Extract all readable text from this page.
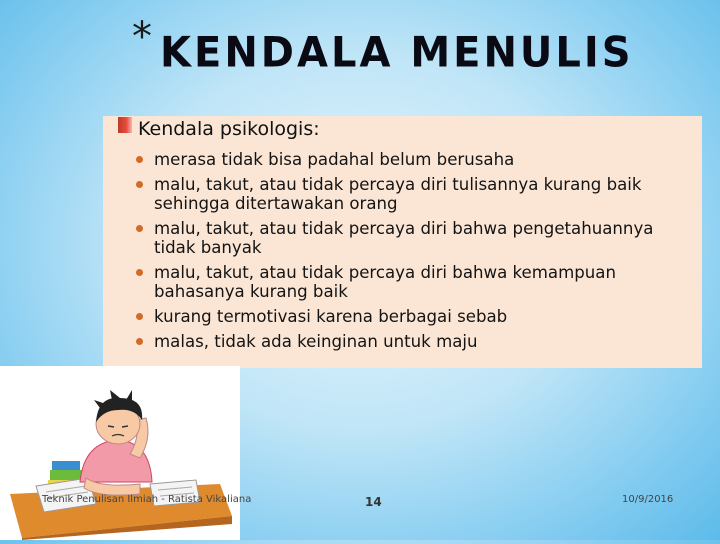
* KENDALA MENULIS
Kendala psikologis:
merasa tidak bisa padahal belum berusaha
malu, takut, atau tidak percaya diri tulisannya kurang baik sehingga ditertawakan orang
malu, takut, atau tidak percaya diri bahwa pengetahuannya tidak banyak
malu, takut, atau tidak percaya diri bahwa kemampuan bahasanya kurang baik
kurang termotivasi karena berbagai sebab
malas, tidak ada keinginan untuk maju
Teknik Penulisan Ilmiah - Ratista Vikaliana	14	10/9/2016
